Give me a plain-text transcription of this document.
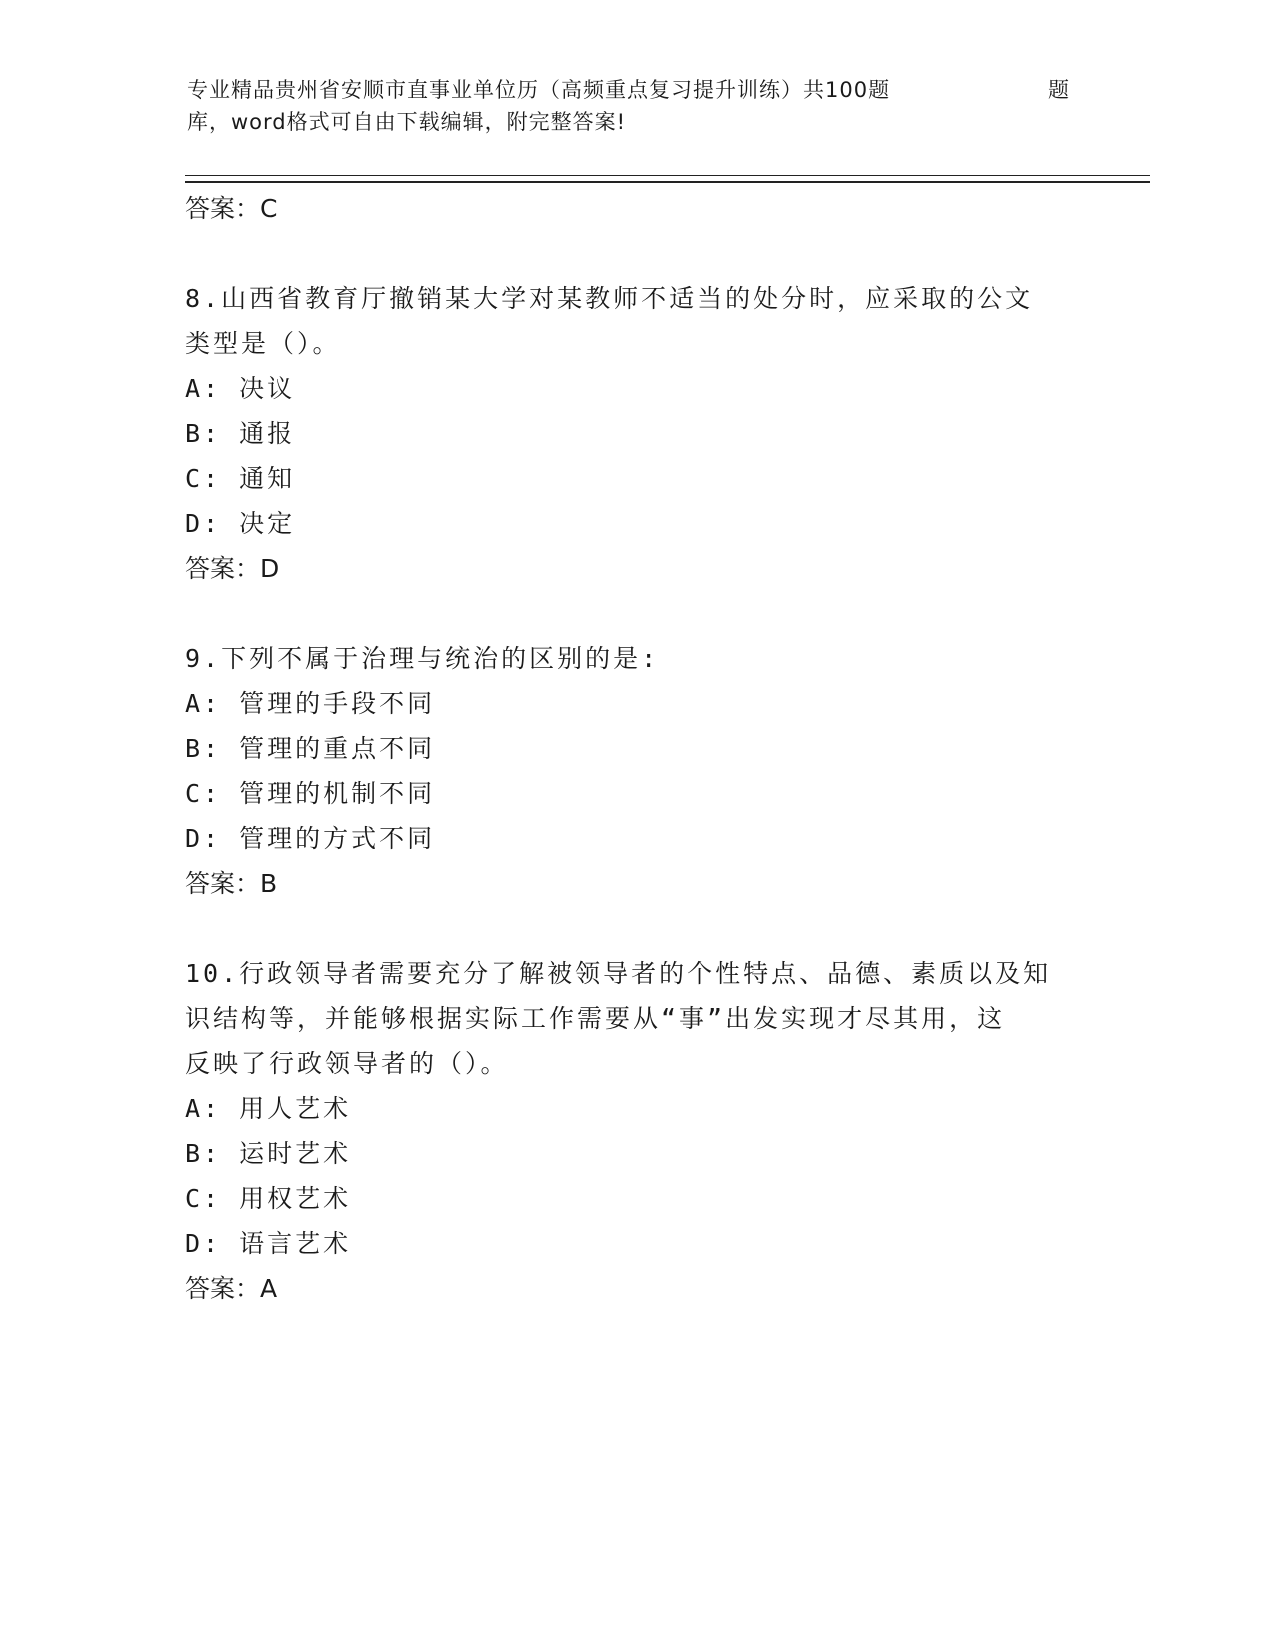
专业精品贵州省安顺市直事业单位历（高频重点复习提升训练）共100题
库，word格式可自由下载编辑，附完整答案!
题
答案：C
8.山西省教育厅撤销某大学对某教师不适当的处分时，应采取的公文
类型是（）。
A: 决议
B: 通报
C: 通知
D: 决定
答案：D
9.下列不属于治理与统治的区别的是:
A: 管理的手段不同
B: 管理的重点不同
C: 管理的机制不同
D: 管理的方式不同
答案：B
10.行政领导者需要充分了解被领导者的个性特点、品德、素质以及知
识结构等，并能够根据实际工作需要从“事”出发实现才尽其用，这
反映了行政领导者的（）。
A: 用人艺术
B: 运时艺术
C: 用权艺术
D: 语言艺术
答案：A
